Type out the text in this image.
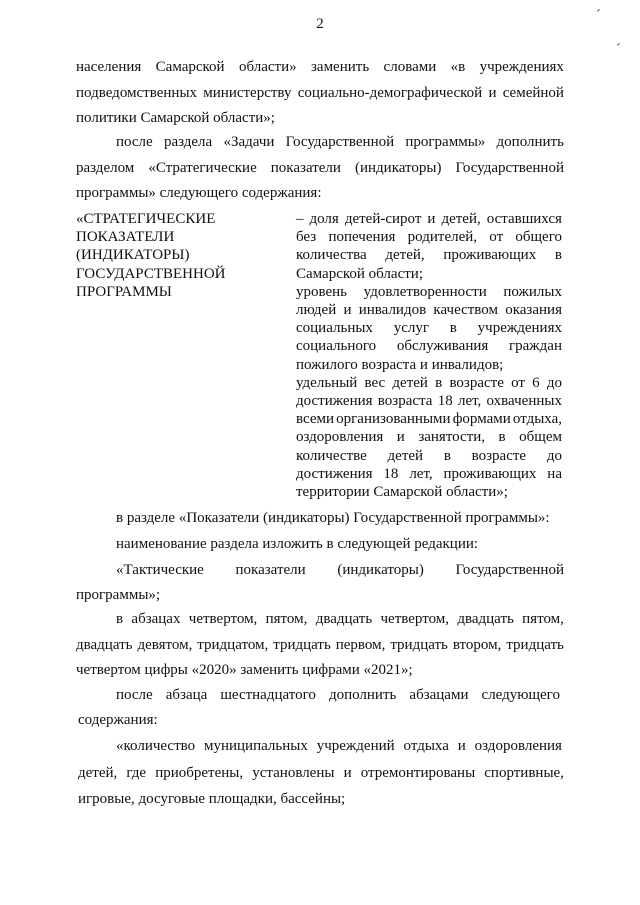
2
ˊ
ˊ
населения Самарской области» заменить словами «в учреждениях
подведомственных министерству социально-демографической и семейной
политики Самарской области»;
после раздела «Задачи Государственной программы» дополнить
разделом «Стратегические показатели (индикаторы) Государственной
программы» следующего содержания:
«СТРАТЕГИЧЕСКИЕ
ПОКАЗАТЕЛИ
(ИНДИКАТОРЫ)
ГОСУДАРСТВЕННОЙ
ПРОГРАММЫ
– доля детей-сирот и детей, оставшихся
без попечения родителей, от общего
количества детей, проживающих в
Самарской области;
уровень удовлетворенности пожилых
людей и инвалидов качеством оказания
социальных услуг в учреждениях
социального обслуживания граждан
пожилого возраста и инвалидов;
удельный вес детей в возрасте от 6 до
достижения возраста 18 лет, охваченных
всеми организованными формами отдыха,
оздоровления и занятости, в общем
количестве детей в возрасте до
достижения 18 лет, проживающих на
территории Самарской области»;
в разделе «Показатели (индикаторы) Государственной программы»:
наименование раздела изложить в следующей редакции:
«Тактические показатели (индикаторы) Государственной
программы»;
в абзацах четвертом, пятом, двадцать четвертом, двадцать пятом,
двадцать девятом, тридцатом, тридцать первом, тридцать втором, тридцать
четвертом цифры «2020» заменить цифрами «2021»;
после абзаца шестнадцатого дополнить абзацами следующего
содержания:
«количество муниципальных учреждений отдыха и оздоровления
детей, где приобретены, установлены и отремонтированы спортивные,
игровые, досуговые площадки, бассейны;
